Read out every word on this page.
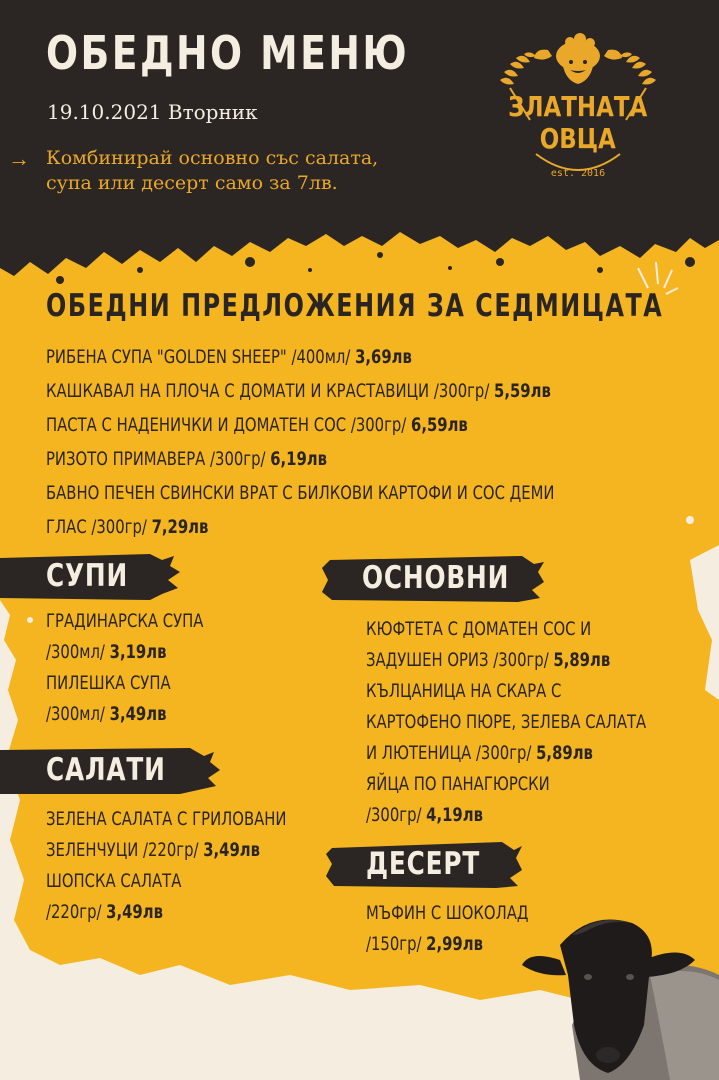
ОБЕДНО МЕНЮ
19.10.2021 Вторник
→ Комбинирай основно със салата,
супа или десерт само за 7лв.
ЗЛАТНАТА
ОВЦА
est. 2016
ОБЕДНИ ПРЕДЛОЖЕНИЯ ЗА СЕДМИЦАТА
РИБЕНА СУПА "GOLDEN SHEEP" /400мл/ 3,69лв
КАШКАВАЛ НА ПЛОЧА С ДОМАТИ И КРАСТАВИЦИ /300гр/ 5,59лв
ПАСТА С НАДЕНИЧКИ И ДОМАТЕН СОС /300гр/ 6,59лв
РИЗОТО ПРИМАВЕРА /300гр/ 6,19лв
БАВНО ПЕЧЕН СВИНСКИ ВРАТ С БИЛКОВИ КАРТОФИ И СОС ДЕМИ
ГЛАС /300гр/ 7,29лв
СУПИ
ГРАДИНАРСКА СУПА
/300мл/ 3,19лв
ПИЛЕШКА СУПА
/300мл/ 3,49лв
САЛАТИ
ЗЕЛЕНА САЛАТА С ГРИЛОВАНИ
ЗЕЛЕНЧУЦИ /220гр/ 3,49лв
ШОПСКА САЛАТА
/220гр/ 3,49лв
ОСНОВНИ
КЮФТЕТА С ДОМАТЕН СОС И
ЗАДУШЕН ОРИЗ /300гр/ 5,89лв
КЪЛЦАНИЦА НА СКАРА С
КАРТОФЕНО ПЮРЕ, ЗЕЛЕВА САЛАТА
И ЛЮТЕНИЦА /300гр/ 5,89лв
ЯЙЦА ПО ПАНАГЮРСКИ
/300гр/ 4,19лв
ДЕСЕРТ
МЪФИН С ШОКОЛАД
/150гр/ 2,99лв
